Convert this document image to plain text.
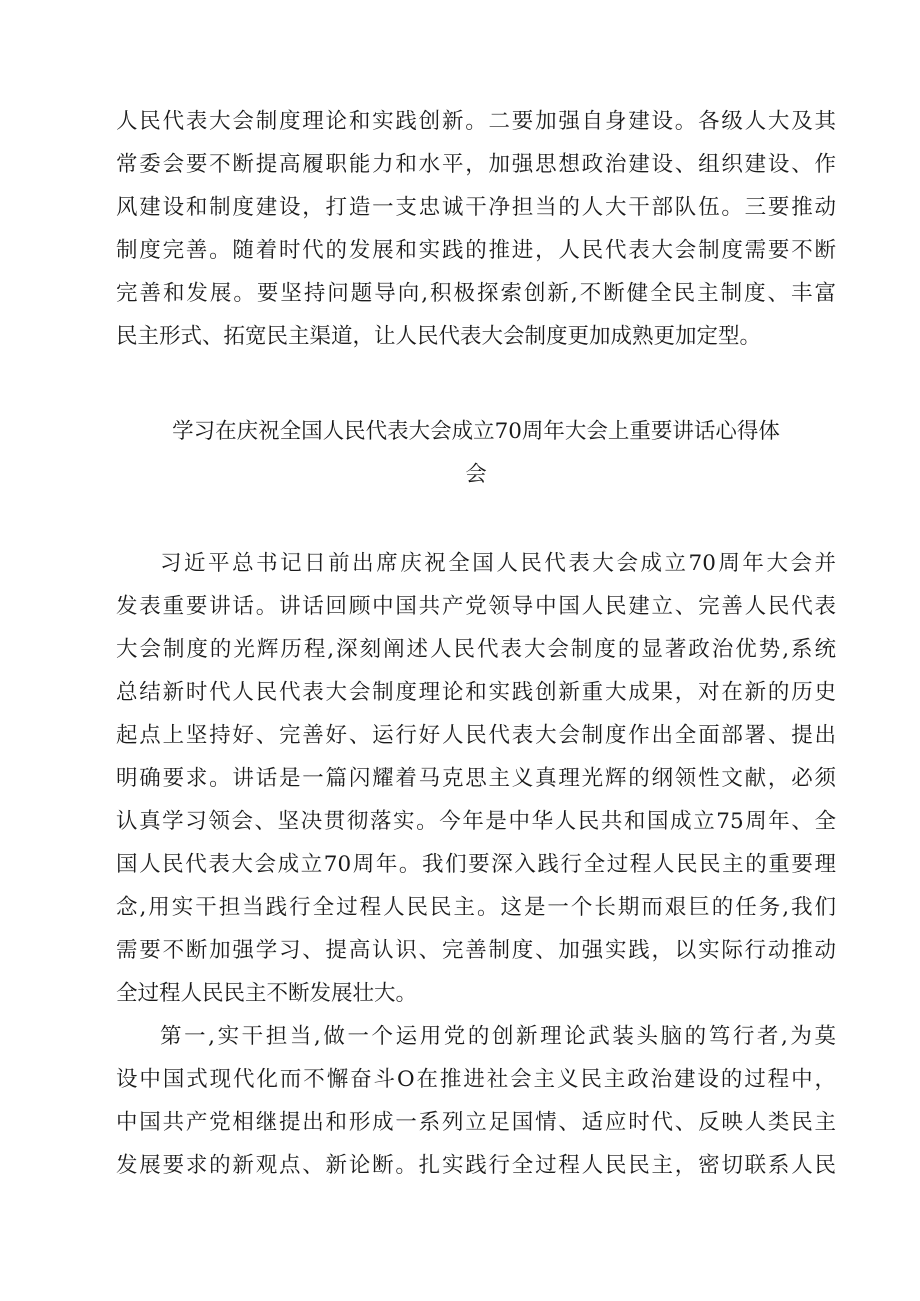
人民代表大会制度理论和实践创新。二要加强自身建设。各级人大及其
常委会要不断提高履职能力和水平，加强思想政治建设、组织建设、作
风建设和制度建设，打造一支忠诚干净担当的人大干部队伍。三要推动
制度完善。随着时代的发展和实践的推进，人民代表大会制度需要不断
完善和发展。要坚持问题导向,积极探索创新,不断健全民主制度、丰富
民主形式、拓宽民主渠道，让人民代表大会制度更加成熟更加定型。
学习在庆祝全国人民代表大会成立70周年大会上重要讲话心得体
会
习近平总书记日前出席庆祝全国人民代表大会成立70周年大会并
发表重要讲话。讲话回顾中国共产党领导中国人民建立、完善人民代表
大会制度的光辉历程,深刻阐述人民代表大会制度的显著政治优势,系统
总结新时代人民代表大会制度理论和实践创新重大成果，对在新的历史
起点上坚持好、完善好、运行好人民代表大会制度作出全面部署、提出
明确要求。讲话是一篇闪耀着马克思主义真理光辉的纲领性文献，必须
认真学习领会、坚决贯彻落实。今年是中华人民共和国成立75周年、全
国人民代表大会成立70周年。我们要深入践行全过程人民民主的重要理
念,用实干担当践行全过程人民民主。这是一个长期而艰巨的任务,我们
需要不断加强学习、提高认识、完善制度、加强实践，以实际行动推动
全过程人民民主不断发展壮大。
第一,实干担当,做一个运用党的创新理论武装头脑的笃行者,为莫
设中国式现代化而不懈奋斗O在推进社会主义民主政治建设的过程中，
中国共产党相继提出和形成一系列立足国情、适应时代、反映人类民主
发展要求的新观点、新论断。扎实践行全过程人民民主，密切联系人民
